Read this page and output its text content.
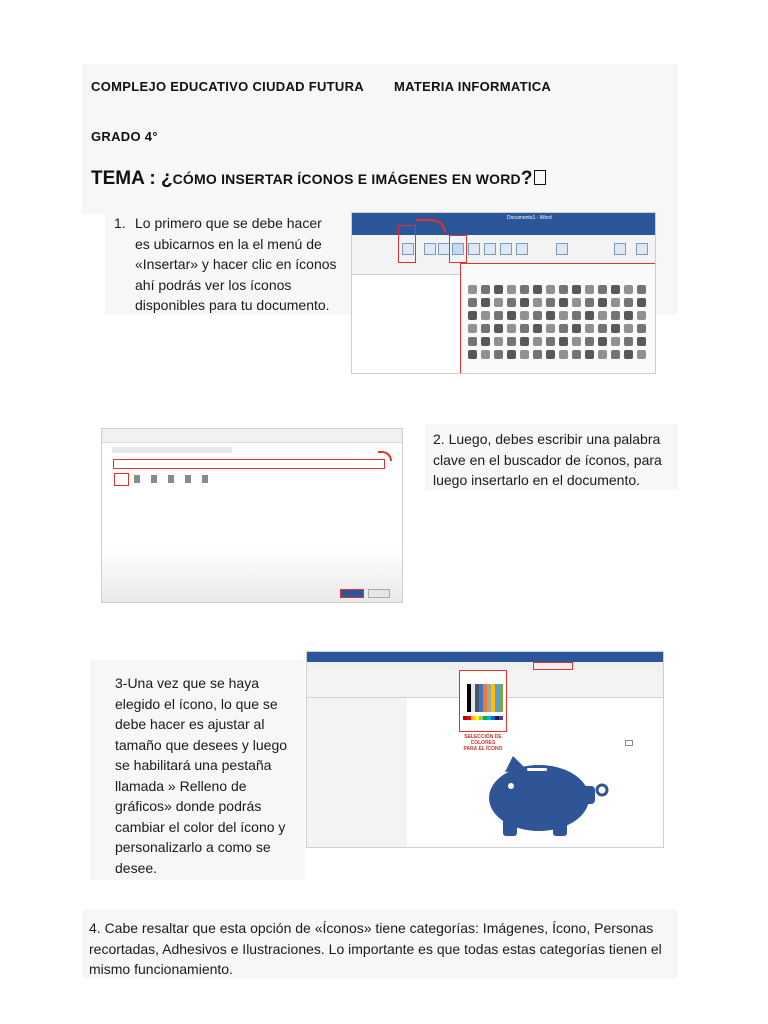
COMPLEJO EDUCATIVO CIUDAD FUTURA MATERIA INFORMATICA
GRADO 4°
TEMA : ¿CÓMO INSERTAR ÍCONOS E IMÁGENES EN WORD?
1. Lo primero que se debe hacer
es ubicarnos en la el menú de
«Insertar» y hacer clic en íconos
ahí podrás ver los íconos
disponibles para tu documento.
Documento1 - Word
2. Luego, debes escribir una palabra
clave en el buscador de íconos, para
luego insertarlo en el documento.
3-Una vez que se haya
elegido el ícono, lo que se
debe hacer es ajustar al
tamaño que desees y luego
se habilitará una pestaña
llamada » Relleno de
gráficos» donde podrás
cambiar el color del ícono y
personalizarlo a como se
desee.
SELECCIÓN DE COLORES
PARA EL ÍCONO
4. Cabe resaltar que esta opción de «Íconos» tiene categorías: Imágenes, Ícono, Personas
recortadas, Adhesivos e Ilustraciones. Lo importante es que todas estas categorías tienen el
mismo funcionamiento.
